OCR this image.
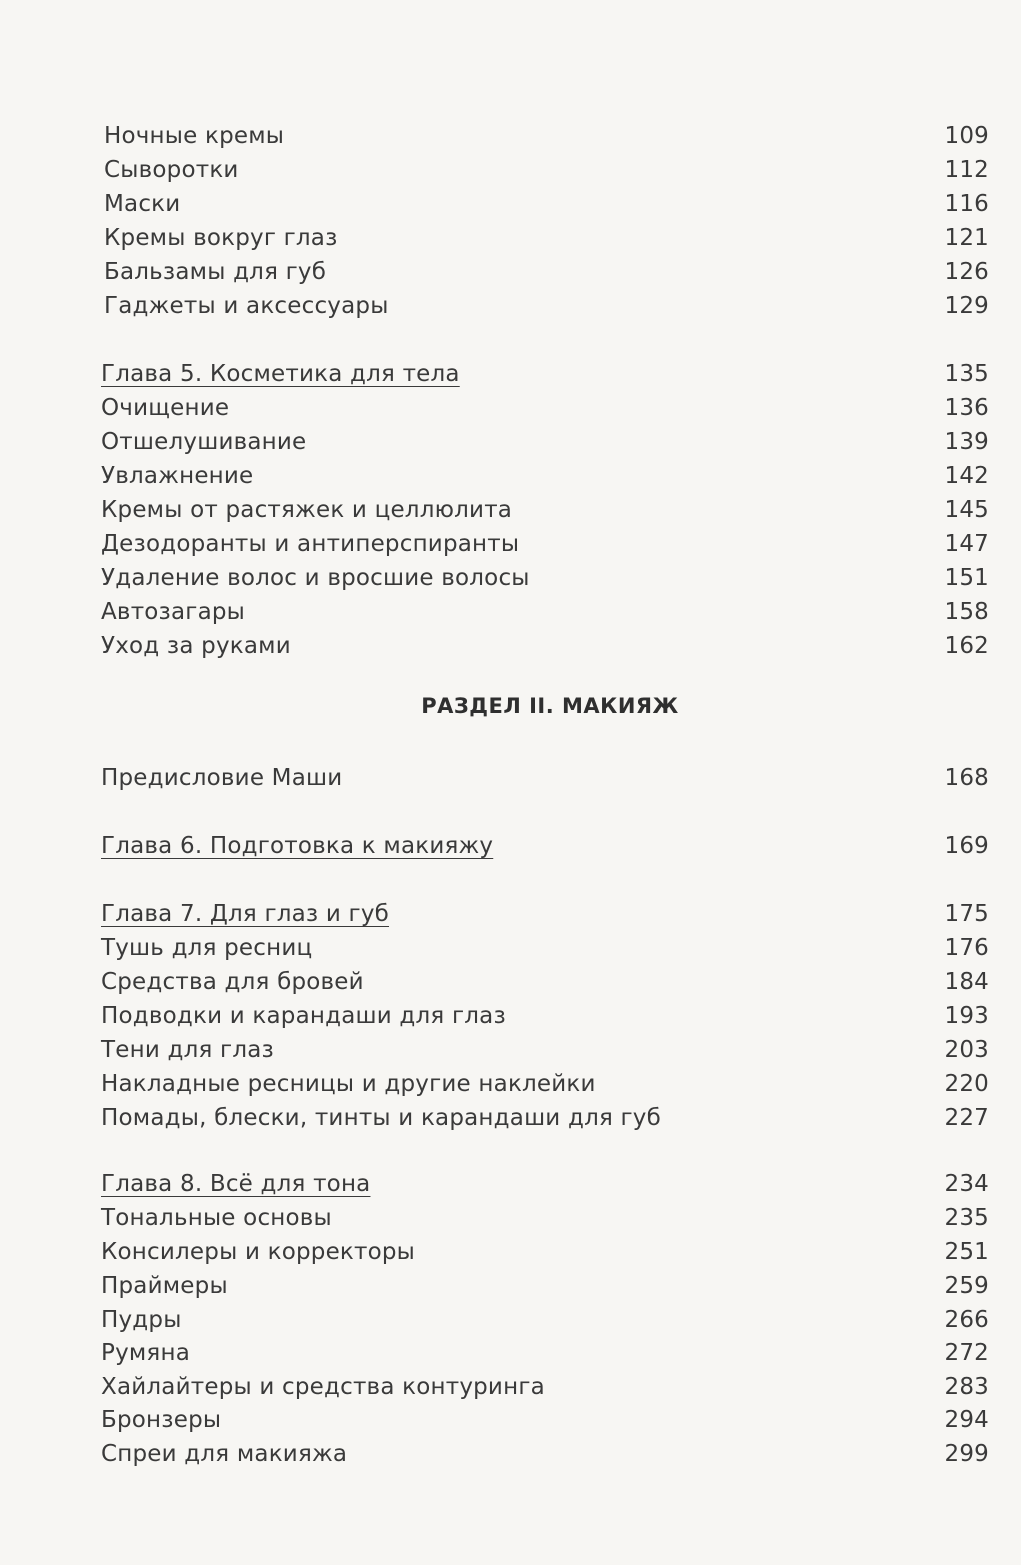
Ночные кремы	109
Сыворотки	112
Маски	116
Кремы вокруг глаз	121
Бальзамы для губ	126
Гаджеты и аксессуары	129
Глава 5. Косметика для тела	135
Очищение	136
Отшелушивание	139
Увлажнение	142
Кремы от растяжек и целлюлита	145
Дезодоранты и антиперспиранты	147
Удаление волос и вросшие волосы	151
Автозагары	158
Уход за руками	162
РАЗДЕЛ II. МАКИЯЖ
Предисловие Маши	168
Глава 6. Подготовка к макияжу	169
Глава 7. Для глаз и губ	175
Тушь для ресниц	176
Средства для бровей	184
Подводки и карандаши для глаз	193
Тени для глаз	203
Накладные ресницы и другие наклейки	220
Помады, блески, тинты и карандаши для губ	227
Глава 8. Всё для тона	234
Тональные основы	235
Консилеры и корректоры	251
Праймеры	259
Пудры	266
Румяна	272
Хайлайтеры и средства контуринга	283
Бронзеры	294
Спреи для макияжа	299
